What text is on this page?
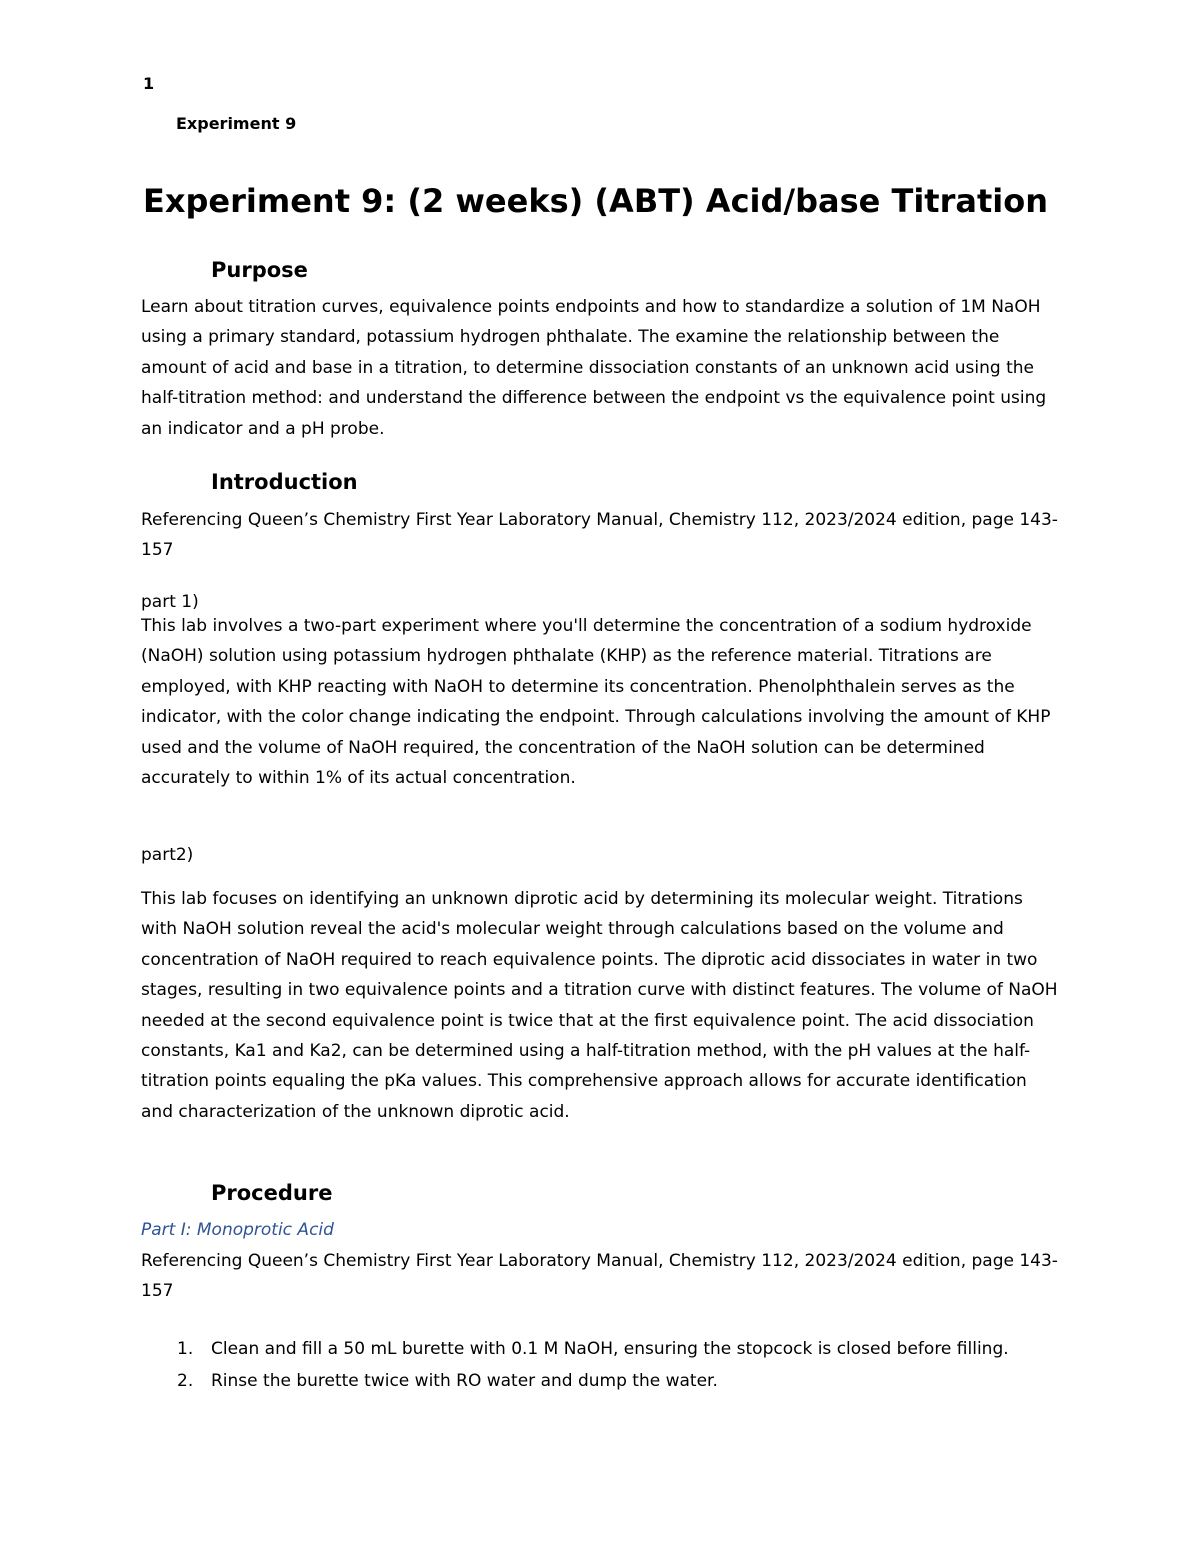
1
Experiment 9
Experiment 9: (2 weeks) (ABT) Acid/base Titration
Purpose
Learn about titration curves, equivalence points endpoints and how to standardize a solution of 1M NaOH using a primary standard, potassium hydrogen phthalate. The examine the relationship between the amount of acid and base in a titration, to determine dissociation constants of an unknown acid using the half-titration method: and understand the difference between the endpoint vs the equivalence point using an indicator and a pH probe.
Introduction
Referencing Queen’s Chemistry First Year Laboratory Manual, Chemistry 112, 2023/2024 edition, page 143-157
part 1)
This lab involves a two-part experiment where you'll determine the concentration of a sodium hydroxide (NaOH) solution using potassium hydrogen phthalate (KHP) as the reference material. Titrations are employed, with KHP reacting with NaOH to determine its concentration. Phenolphthalein serves as the indicator, with the color change indicating the endpoint. Through calculations involving the amount of KHP used and the volume of NaOH required, the concentration of the NaOH solution can be determined accurately to within 1% of its actual concentration.
part2)
This lab focuses on identifying an unknown diprotic acid by determining its molecular weight. Titrations with NaOH solution reveal the acid's molecular weight through calculations based on the volume and concentration of NaOH required to reach equivalence points. The diprotic acid dissociates in water in two stages, resulting in two equivalence points and a titration curve with distinct features. The volume of NaOH needed at the second equivalence point is twice that at the first equivalence point. The acid dissociation constants, Ka1 and Ka2, can be determined using a half-titration method, with the pH values at the half-titration points equaling the pKa values. This comprehensive approach allows for accurate identification and characterization of the unknown diprotic acid.
Procedure
Part I: Monoprotic Acid
Referencing Queen’s Chemistry First Year Laboratory Manual, Chemistry 112, 2023/2024 edition, page 143-157
1. Clean and fill a 50 mL burette with 0.1 M NaOH, ensuring the stopcock is closed before filling.
2. Rinse the burette twice with RO water and dump the water.
